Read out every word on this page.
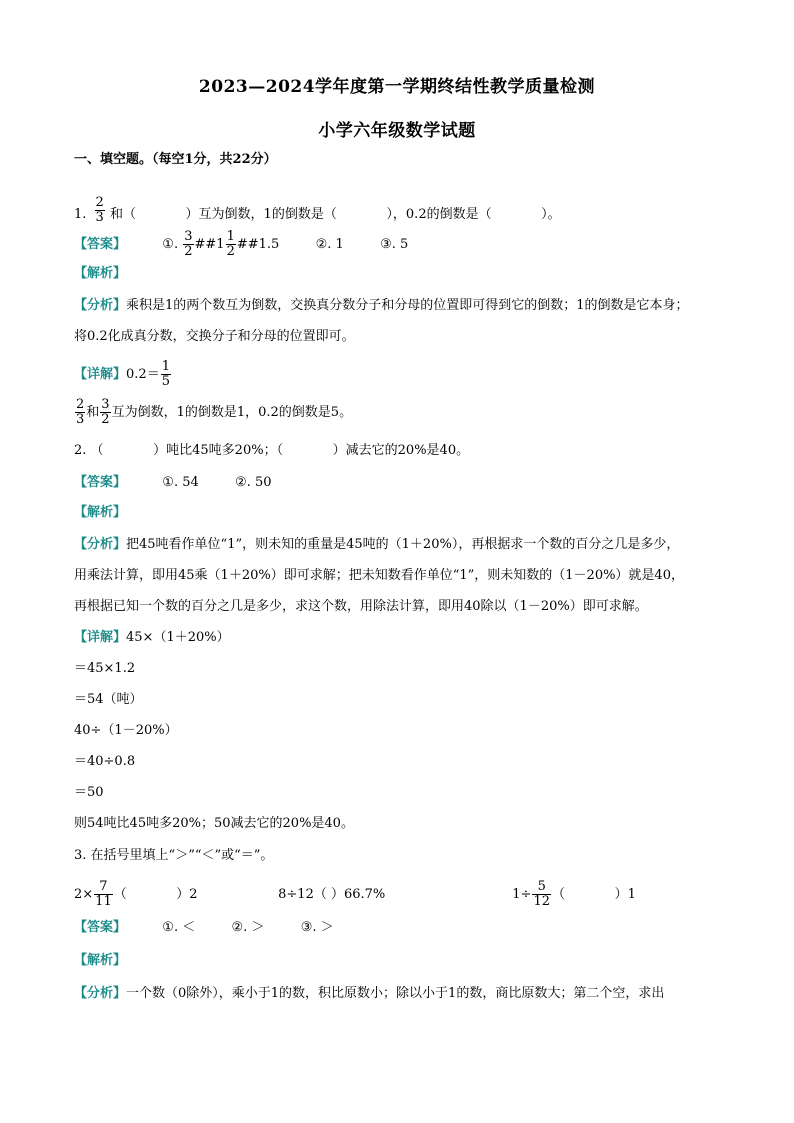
2023—2024学年度第一学期终结性教学质量检测
小学六年级数学试题
一、填空题。（每空1分，共22分）
1. $\frac{2}{3}$ 和（            ）互为倒数，1的倒数是（            ），0.2的倒数是（            ）。
【答案】	①. $\frac{3}{2}$ ##1 $\frac{1}{2}$ ##1.5	②. 1	③. 5
【解析】
【分析】乘积是1的两个数互为倒数，交换真分数分子和分母的位置即可得到它的倒数；1的倒数是它本身；
将0.2化成真分数，交换分子和分母的位置即可。
【详解】$0.2= \frac{1}{5}$
$\frac{2}{3}$ 和 $\frac{3}{2}$ 互为倒数，1的倒数是1，0.2的倒数是5。
2. （            ）吨比45吨多20%；（            ）减去它的20%是40。
【答案】	①. 54	②. 50
【解析】
【分析】把45吨看作单位“1”，则未知的重量是45吨的（1＋20%），再根据求一个数的百分之几是多少，
用乘法计算，即用45乘（1＋20%）即可求解；把未知数看作单位“1”，则未知数的（1－20%）就是40，
再根据已知一个数的百分之几是多少，求这个数，用除法计算，即用40除以（1－20%）即可求解。
【详解】45×（1＋20%）
＝45×1.2
＝54（吨）
40÷（1－20%）
＝40÷0.8
＝50
则54吨比45吨多20%；50减去它的20%是40。
3. 在括号里填上“＞”“＜”或“＝”。
$2\times \frac{7}{11}$ （            ）2	8÷12（ ）66.7%	$1\div \frac{5}{12}$ （            ）1
【答案】	①. ＜	②. ＞	③. ＞
【解析】
【分析】一个数（0除外），乘小于1的数，积比原数小；除以小于1的数，商比原数大；第二个空，求出
